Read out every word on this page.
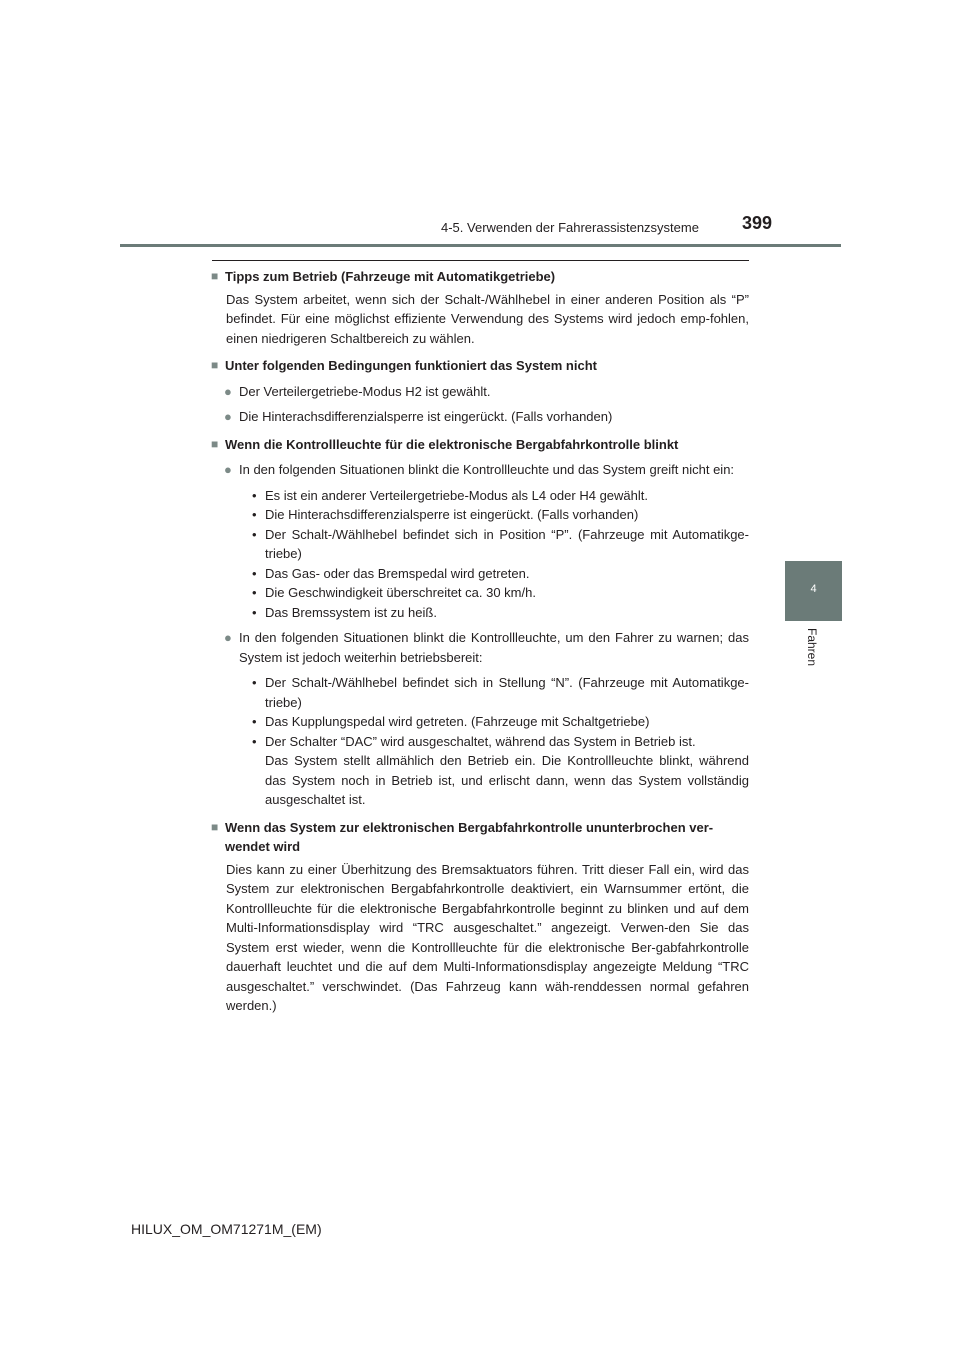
4-5. Verwenden der Fahrerassistenzsysteme 399
4
Fahren
■ Tipps zum Betrieb (Fahrzeuge mit Automatikgetriebe)
Das System arbeitet, wenn sich der Schalt-/Wählhebel in einer anderen Position als “P” befindet. Für eine möglichst effiziente Verwendung des Systems wird jedoch emp-fohlen, einen niedrigeren Schaltbereich zu wählen.
■ Unter folgenden Bedingungen funktioniert das System nicht
● Der Verteilergetriebe-Modus H2 ist gewählt.
● Die Hinterachsdifferenzialsperre ist eingerückt. (Falls vorhanden)
■ Wenn die Kontrollleuchte für die elektronische Bergabfahrkontrolle blinkt
● In den folgenden Situationen blinkt die Kontrollleuchte und das System greift nicht ein:
• Es ist ein anderer Verteilergetriebe-Modus als L4 oder H4 gewählt.
• Die Hinterachsdifferenzialsperre ist eingerückt. (Falls vorhanden)
• Der Schalt-/Wählhebel befindet sich in Position “P”. (Fahrzeuge mit Automatikge-triebe)
• Das Gas- oder das Bremspedal wird getreten.
• Die Geschwindigkeit überschreitet ca. 30 km/h.
• Das Bremssystem ist zu heiß.
● In den folgenden Situationen blinkt die Kontrollleuchte, um den Fahrer zu warnen; das System ist jedoch weiterhin betriebsbereit:
• Der Schalt-/Wählhebel befindet sich in Stellung “N”. (Fahrzeuge mit Automatikge-triebe)
• Das Kupplungspedal wird getreten. (Fahrzeuge mit Schaltgetriebe)
• Der Schalter “DAC” wird ausgeschaltet, während das System in Betrieb ist.
Das System stellt allmählich den Betrieb ein. Die Kontrollleuchte blinkt, während das System noch in Betrieb ist, und erlischt dann, wenn das System vollständig ausgeschaltet ist.
■ Wenn das System zur elektronischen Bergabfahrkontrolle ununterbrochen ver-wendet wird
Dies kann zu einer Überhitzung des Bremsaktuators führen. Tritt dieser Fall ein, wird das System zur elektronischen Bergabfahrkontrolle deaktiviert, ein Warnsummer ertönt, die Kontrollleuchte für die elektronische Bergabfahrkontrolle beginnt zu blinken und auf dem Multi-Informationsdisplay wird “TRC ausgeschaltet.” angezeigt. Verwen-den Sie das System erst wieder, wenn die Kontrollleuchte für die elektronische Ber-gabfahrkontrolle dauerhaft leuchtet und die auf dem Multi-Informationsdisplay angezeigte Meldung “TRC ausgeschaltet.” verschwindet. (Das Fahrzeug kann wäh-renddessen normal gefahren werden.)
HILUX_OM_OM71271M_(EM)
